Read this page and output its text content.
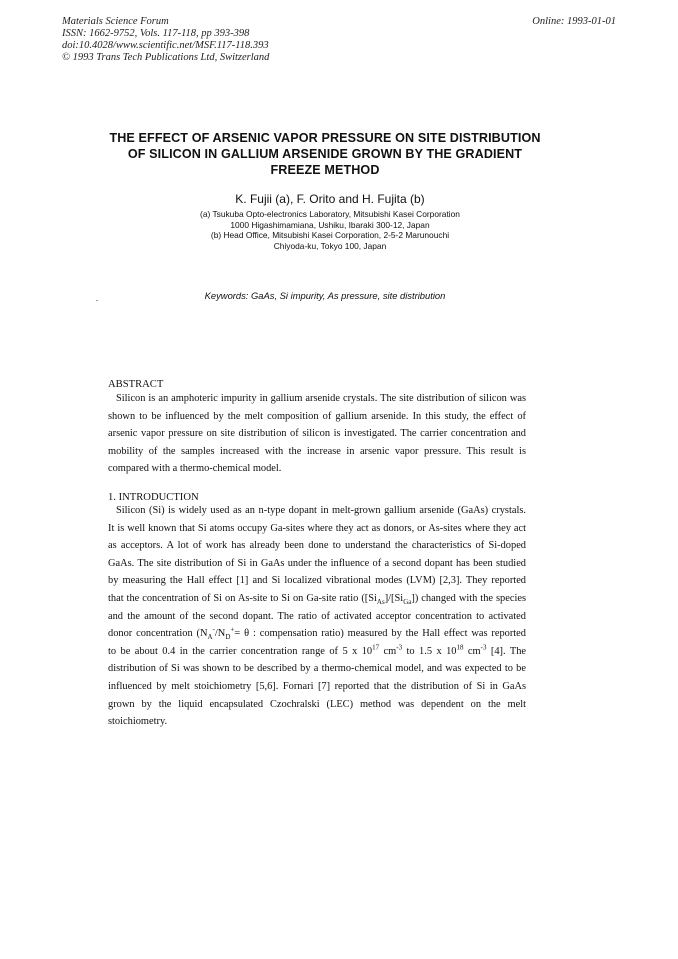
Materials Science Forum
ISSN: 1662-9752, Vols. 117-118, pp 393-398
doi:10.4028/www.scientific.net/MSF.117-118.393
© 1993 Trans Tech Publications Ltd, Switzerland
Online: 1993-01-01
THE EFFECT OF ARSENIC VAPOR PRESSURE ON SITE DISTRIBUTION
OF SILICON IN GALLIUM ARSENIDE GROWN BY THE GRADIENT
FREEZE METHOD
K. Fujii (a), F. Orito and H. Fujita (b)
(a) Tsukuba Opto-electronics Laboratory, Mitsubishi Kasei Corporation
1000 Higashimamiana, Ushiku, Ibaraki 300-12, Japan
(b) Head Office, Mitsubishi Kasei Corporation, 2-5-2 Marunouchi
Chiyoda-ku, Tokyo 100, Japan
Keywords: GaAs, Si impurity, As pressure, site distribution
ABSTRACT
Silicon is an amphoteric impurity in gallium arsenide crystals. The site distribution of silicon was
shown to be influenced by the melt composition of gallium arsenide. In this study, the effect of
arsenic vapor pressure on site distribution of silicon is investigated. The carrier concentration and
mobility of the samples increased with the increase in arsenic vapor pressure. This result is
compared with a thermo-chemical model.
1. INTRODUCTION
Silicon (Si) is widely used as an n-type dopant in melt-grown gallium arsenide (GaAs) crystals.
It is well known that Si atoms occupy Ga-sites where they act as donors, or As-sites where they act
as acceptors. A lot of work has already been done to understand the characteristics of Si-doped
GaAs. The site distribution of Si in GaAs under the influence of a second dopant has been studied
by measuring the Hall effect [1] and Si localized vibrational modes (LVM) [2,3]. They reported
that the concentration of Si on As-site to Si on Ga-site ratio $([Si_{As}]/[Si_{Ga}])$ changed with the species
and the amount of the second dopant. The ratio of activated acceptor concentration to activated
donor concentration ($N_A^-/N_D^+= \theta$ : compensation ratio) measured by the Hall effect was reported
to be about 0.4 in the carrier concentration range of 5 x $10^{17}$ $cm^{-3}$ to 1.5 x $10^{18}$ $cm^{-3}$ [4]. The
distribution of Si was shown to be described by a thermo-chemical model, and was expected to be
influenced by melt stoichiometry [5,6]. Fornari [7] reported that the distribution of Si in GaAs
grown by the liquid encapsulated Czochralski (LEC) method was dependent on the melt
stoichiometry.
